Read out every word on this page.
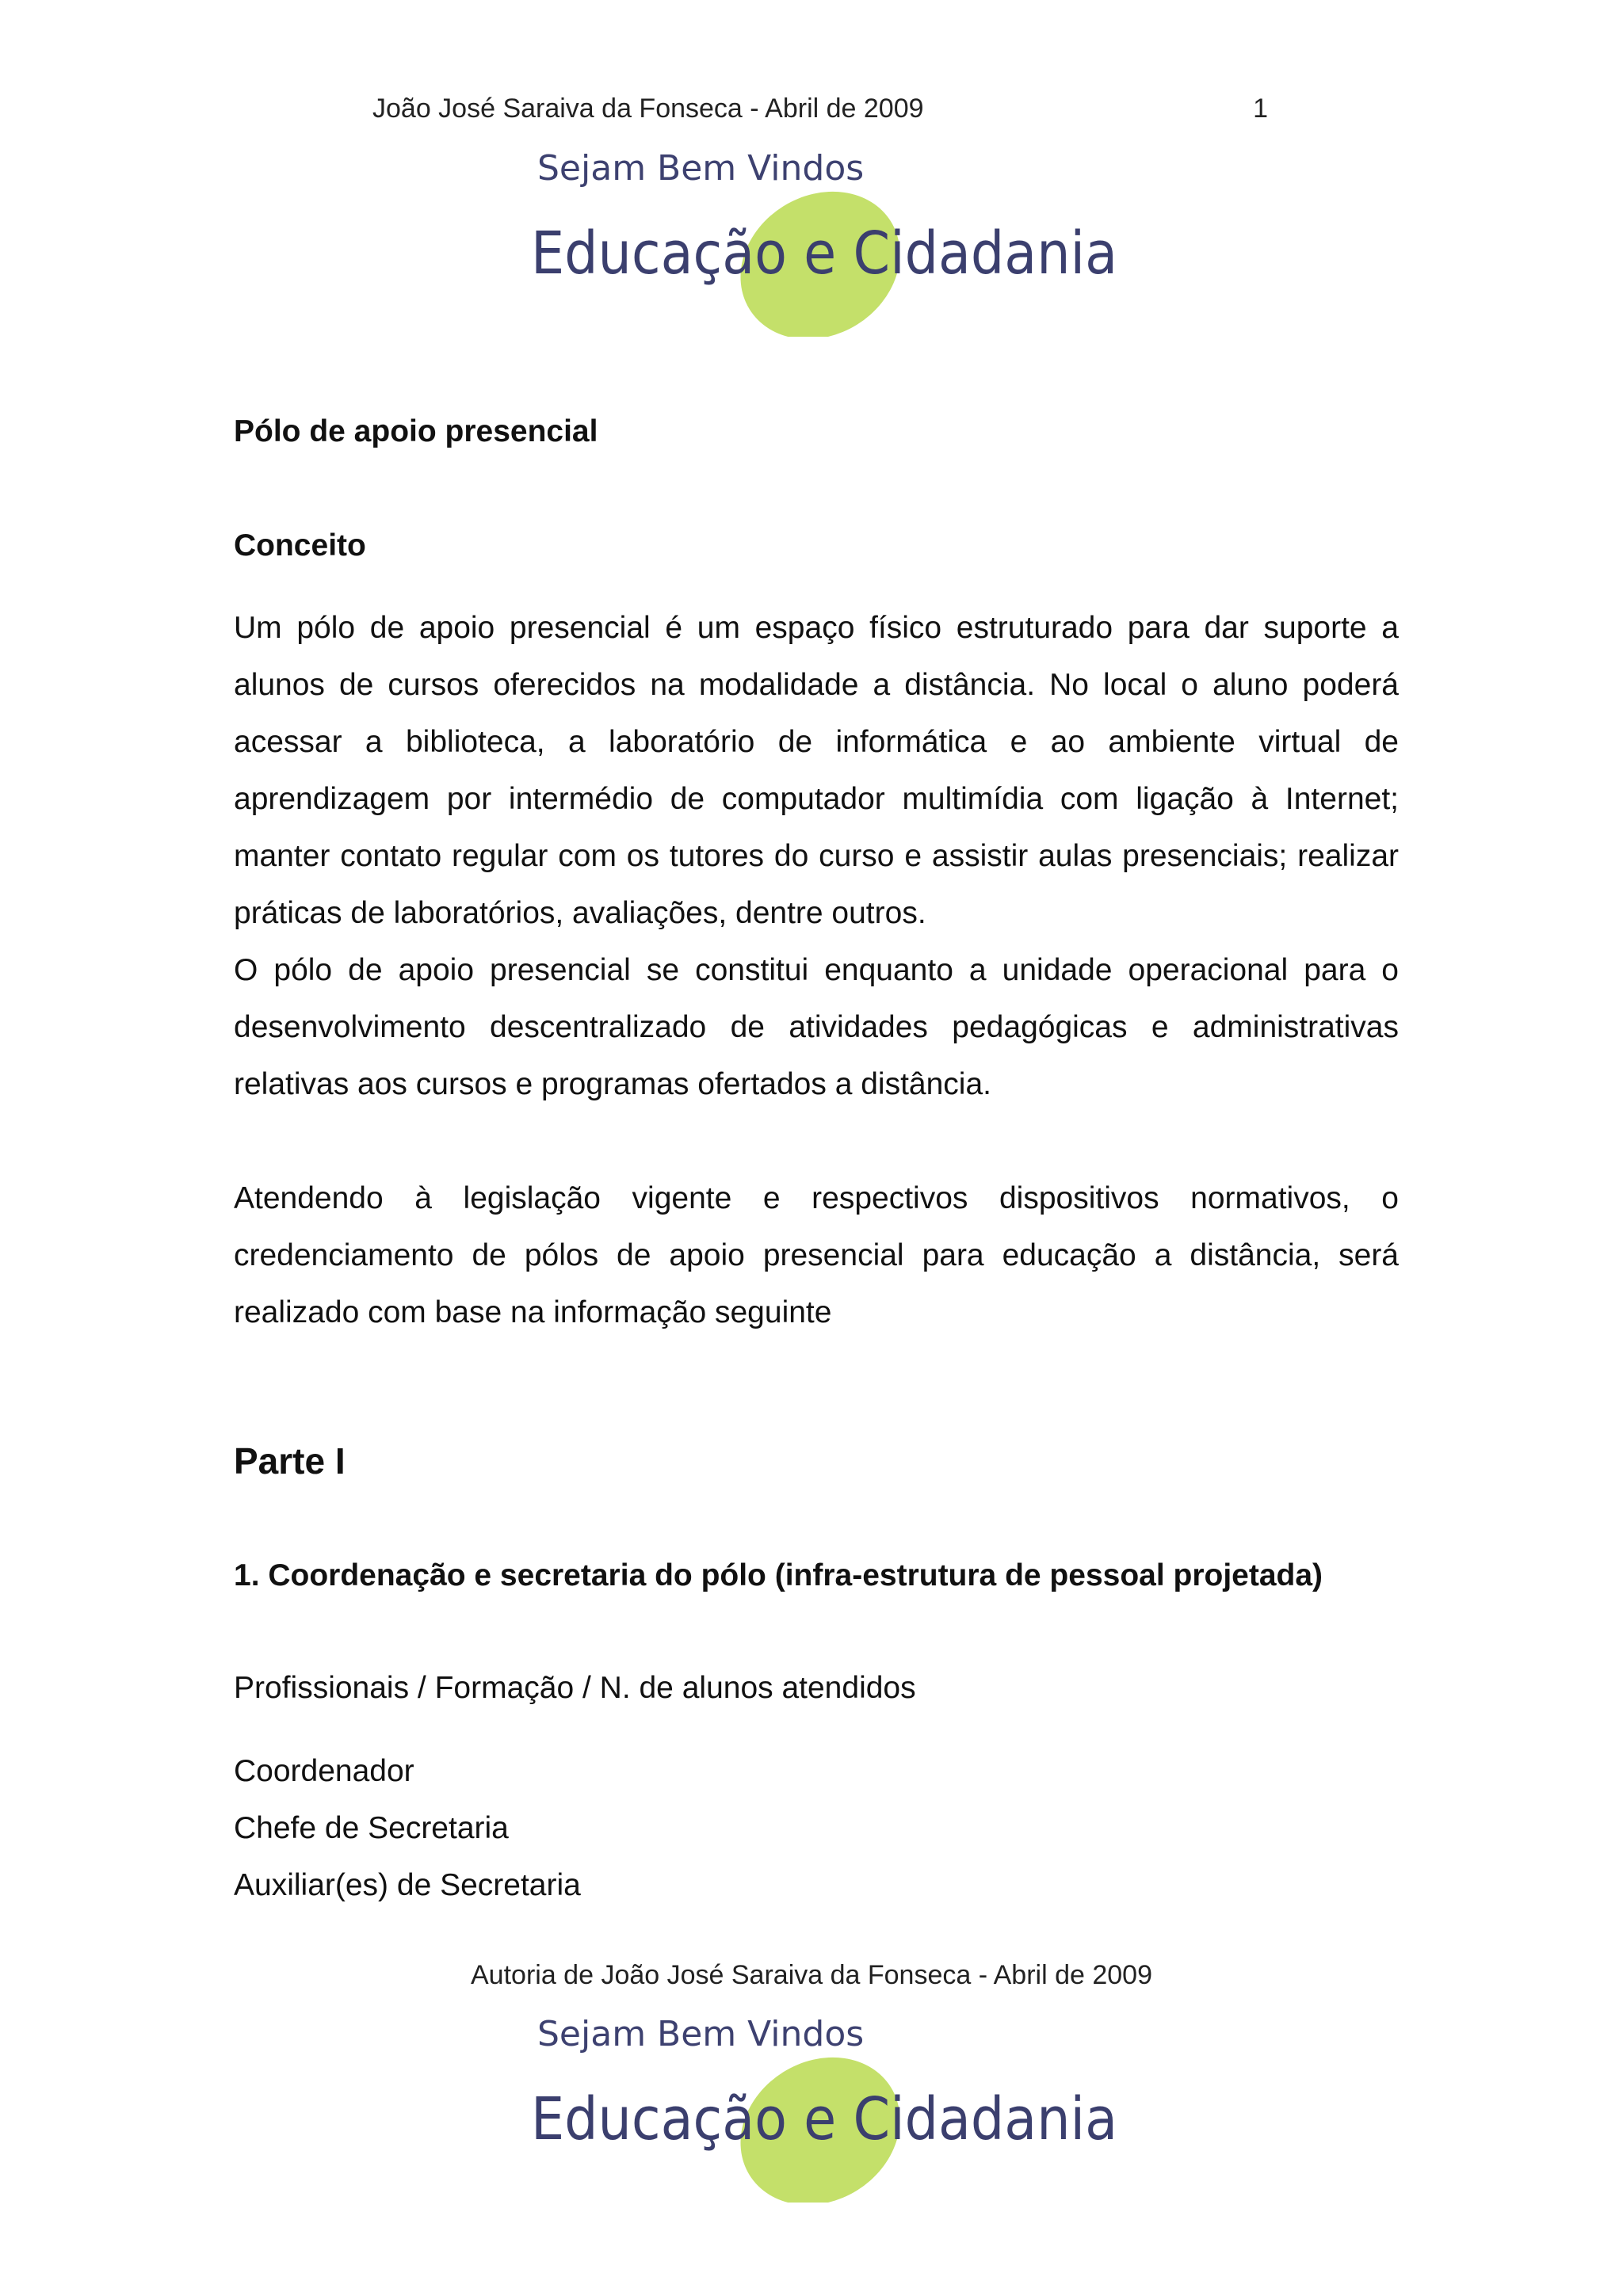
João José Saraiva da Fonseca - Abril de 2009	1
Sejam Bem Vindos
Educação e Cidadania

Pólo de apoio presencial

Conceito

Um pólo de apoio presencial é um espaço físico estruturado para dar suporte a alunos de cursos oferecidos na modalidade a distância. No local o aluno poderá acessar a biblioteca, a laboratório de informática e ao ambiente virtual de aprendizagem por intermédio de computador multimídia com ligação à Internet; manter contato regular com os tutores do curso e assistir aulas presenciais; realizar práticas de laboratórios, avaliações, dentre outros.

O pólo de apoio presencial se constitui enquanto a unidade operacional para o desenvolvimento descentralizado de atividades pedagógicas e administrativas relativas aos cursos e programas ofertados a distância.

Atendendo à legislação vigente e respectivos dispositivos normativos, o credenciamento de pólos de apoio presencial para educação a distância, será realizado com base na informação seguinte

Parte I

1. Coordenação e secretaria do pólo (infra-estrutura de pessoal projetada)

Profissionais / Formação / N. de alunos atendidos

Coordenador

Chefe de Secretaria

Auxiliar(es) de Secretaria

Autoria de João José Saraiva da Fonseca - Abril de 2009
Sejam Bem Vindos
Educação e Cidadania
